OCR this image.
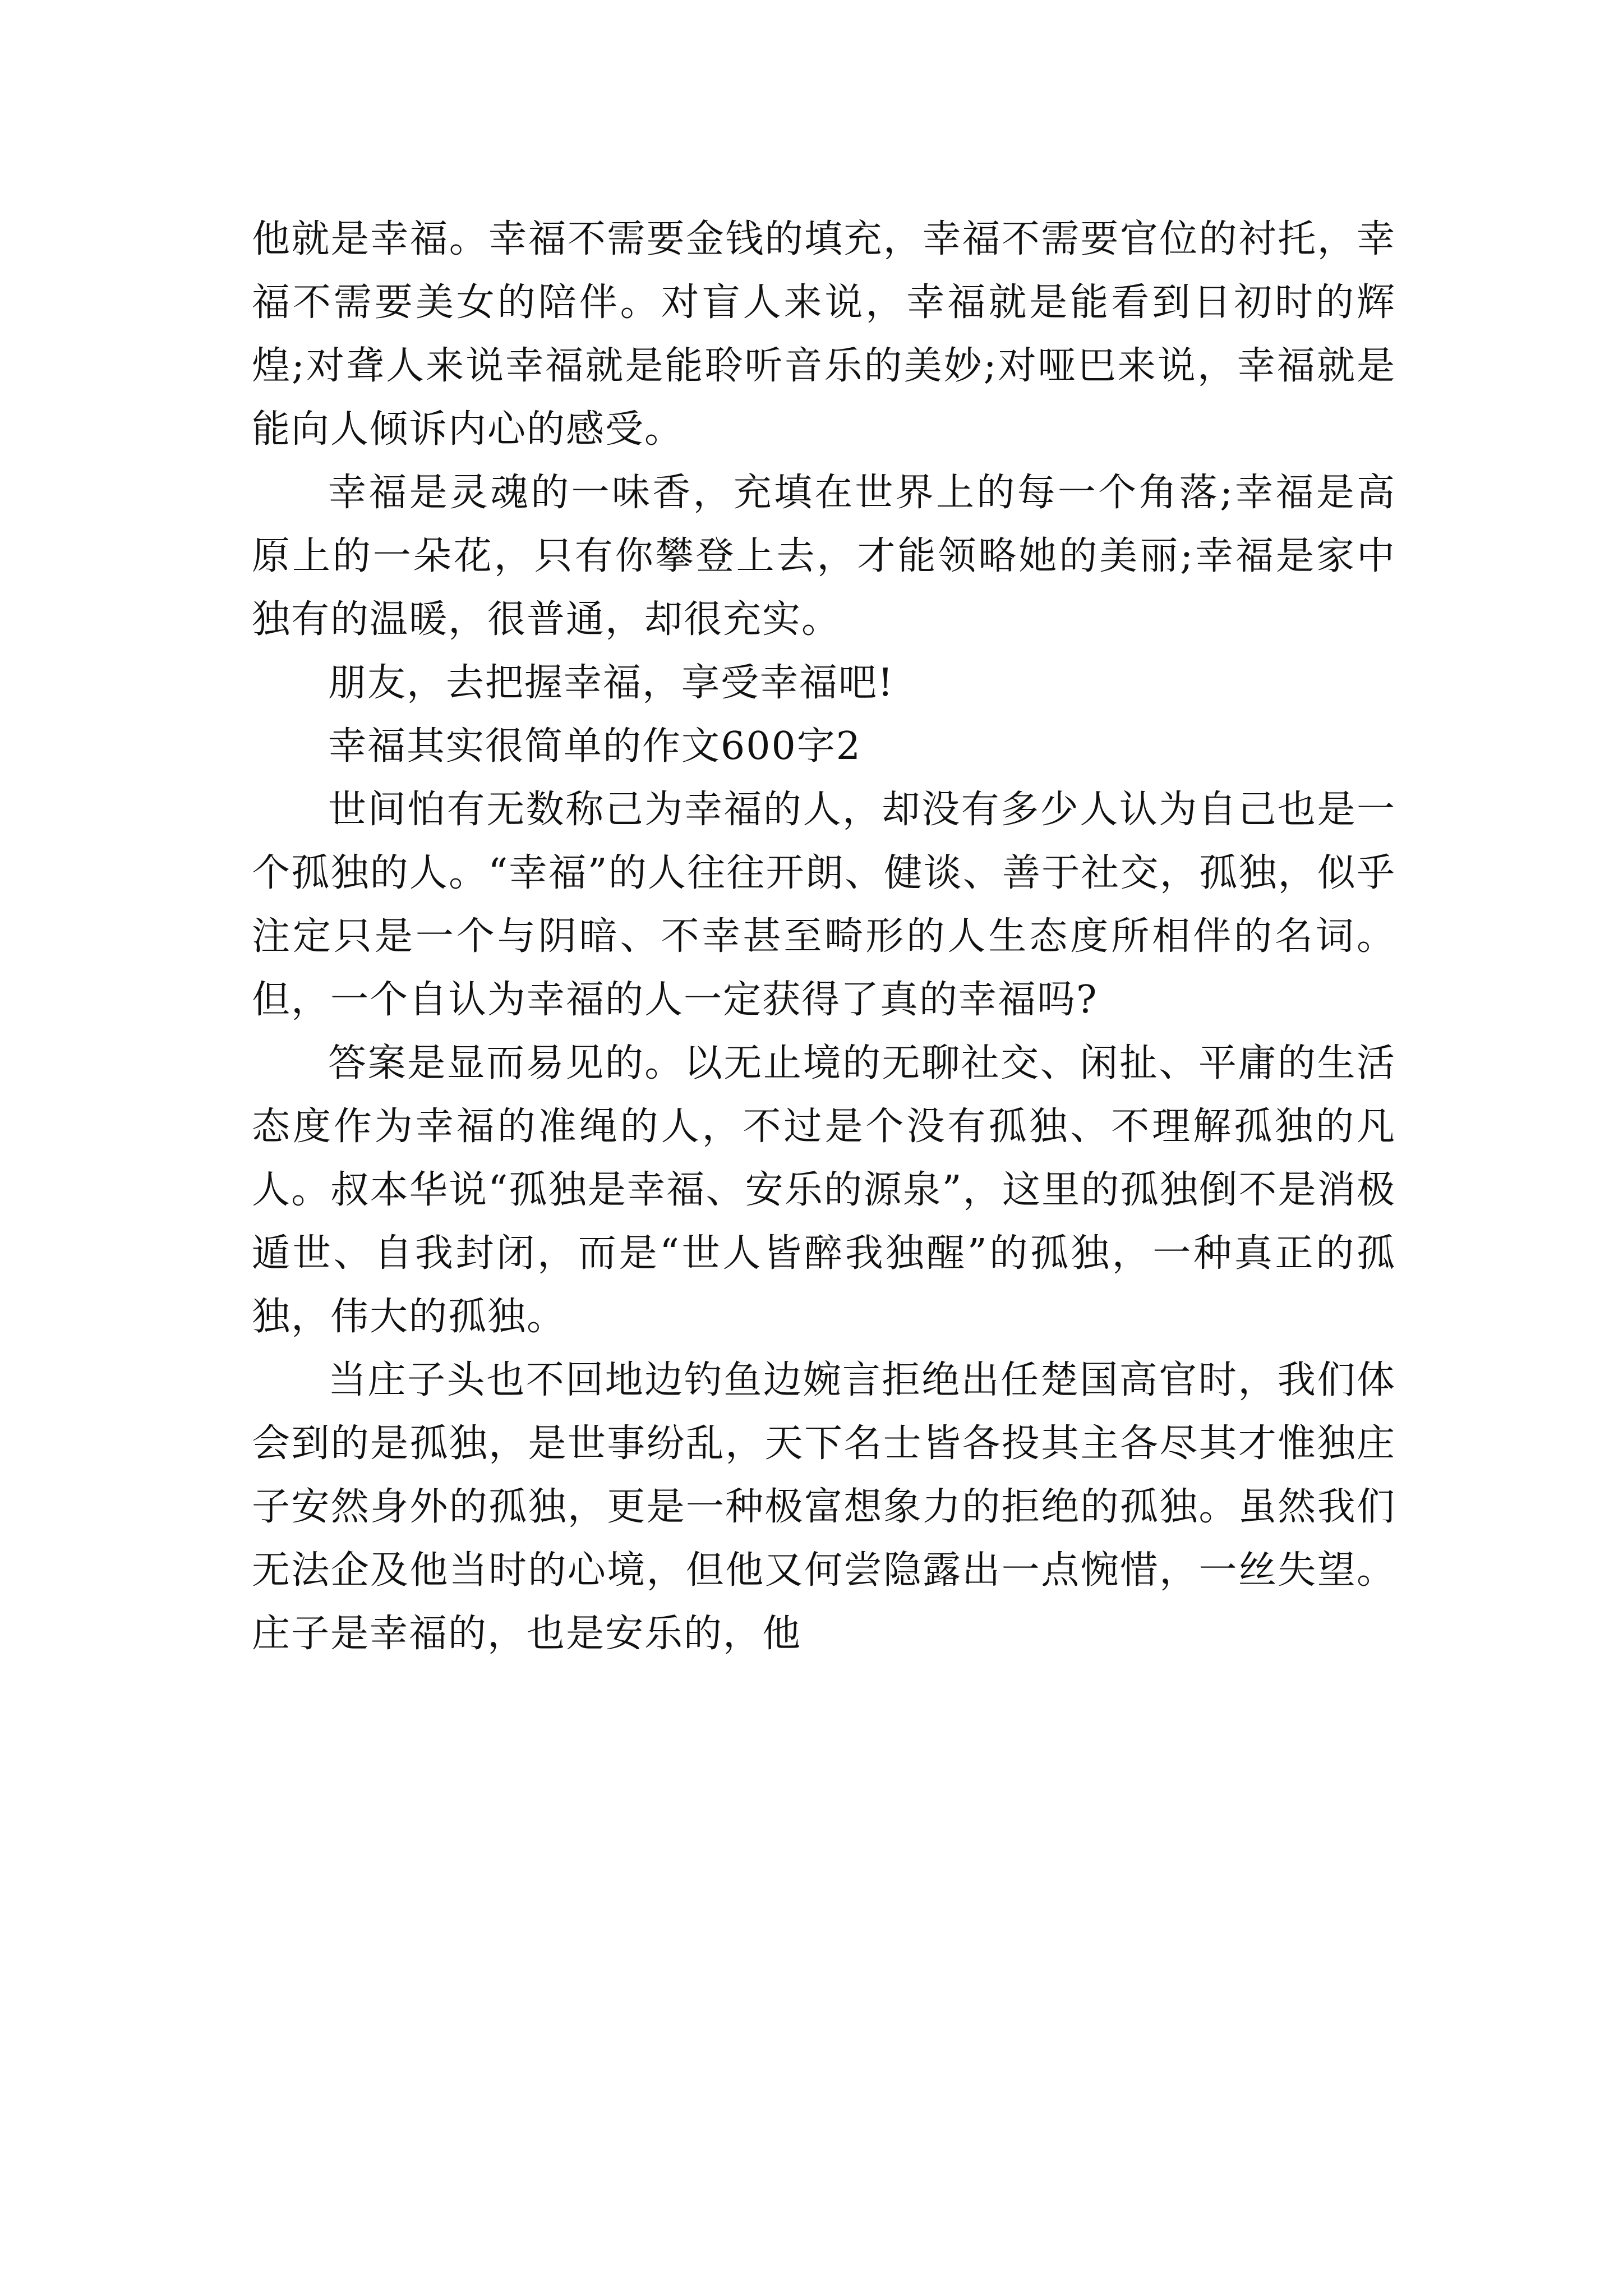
他就是幸福。幸福不需要金钱的填充，幸福不需要官位的衬托，幸福不需要美女的陪伴。对盲人来说，幸福就是能看到日初时的辉煌;对聋人来说幸福就是能聆听音乐的美妙;对哑巴来说，幸福就是能向人倾诉内心的感受。

幸福是灵魂的一味香，充填在世界上的每一个角落;幸福是高原上的一朵花，只有你攀登上去，才能领略她的美丽;幸福是家中独有的温暖，很普通，却很充实。

朋友，去把握幸福，享受幸福吧!

幸福其实很简单的作文600字2

世间怕有无数称己为幸福的人，却没有多少人认为自己也是一个孤独的人。“幸福”的人往往开朗、健谈、善于社交，孤独，似乎注定只是一个与阴暗、不幸甚至畸形的人生态度所相伴的名词。但，一个自认为幸福的人一定获得了真的幸福吗?

答案是显而易见的。以无止境的无聊社交、闲扯、平庸的生活态度作为幸福的准绳的人，不过是个没有孤独、不理解孤独的凡人。叔本华说“孤独是幸福、安乐的源泉”，这里的孤独倒不是消极遁世、自我封闭，而是“世人皆醉我独醒”的孤独，一种真正的孤独，伟大的孤独。

当庄子头也不回地边钓鱼边婉言拒绝出任楚国高官时，我们体会到的是孤独，是世事纷乱，天下名士皆各投其主各尽其才惟独庄子安然身外的孤独，更是一种极富想象力的拒绝的孤独。虽然我们无法企及他当时的心境，但他又何尝隐露出一点惋惜，一丝失望。庄子是幸福的，也是安乐的，他
